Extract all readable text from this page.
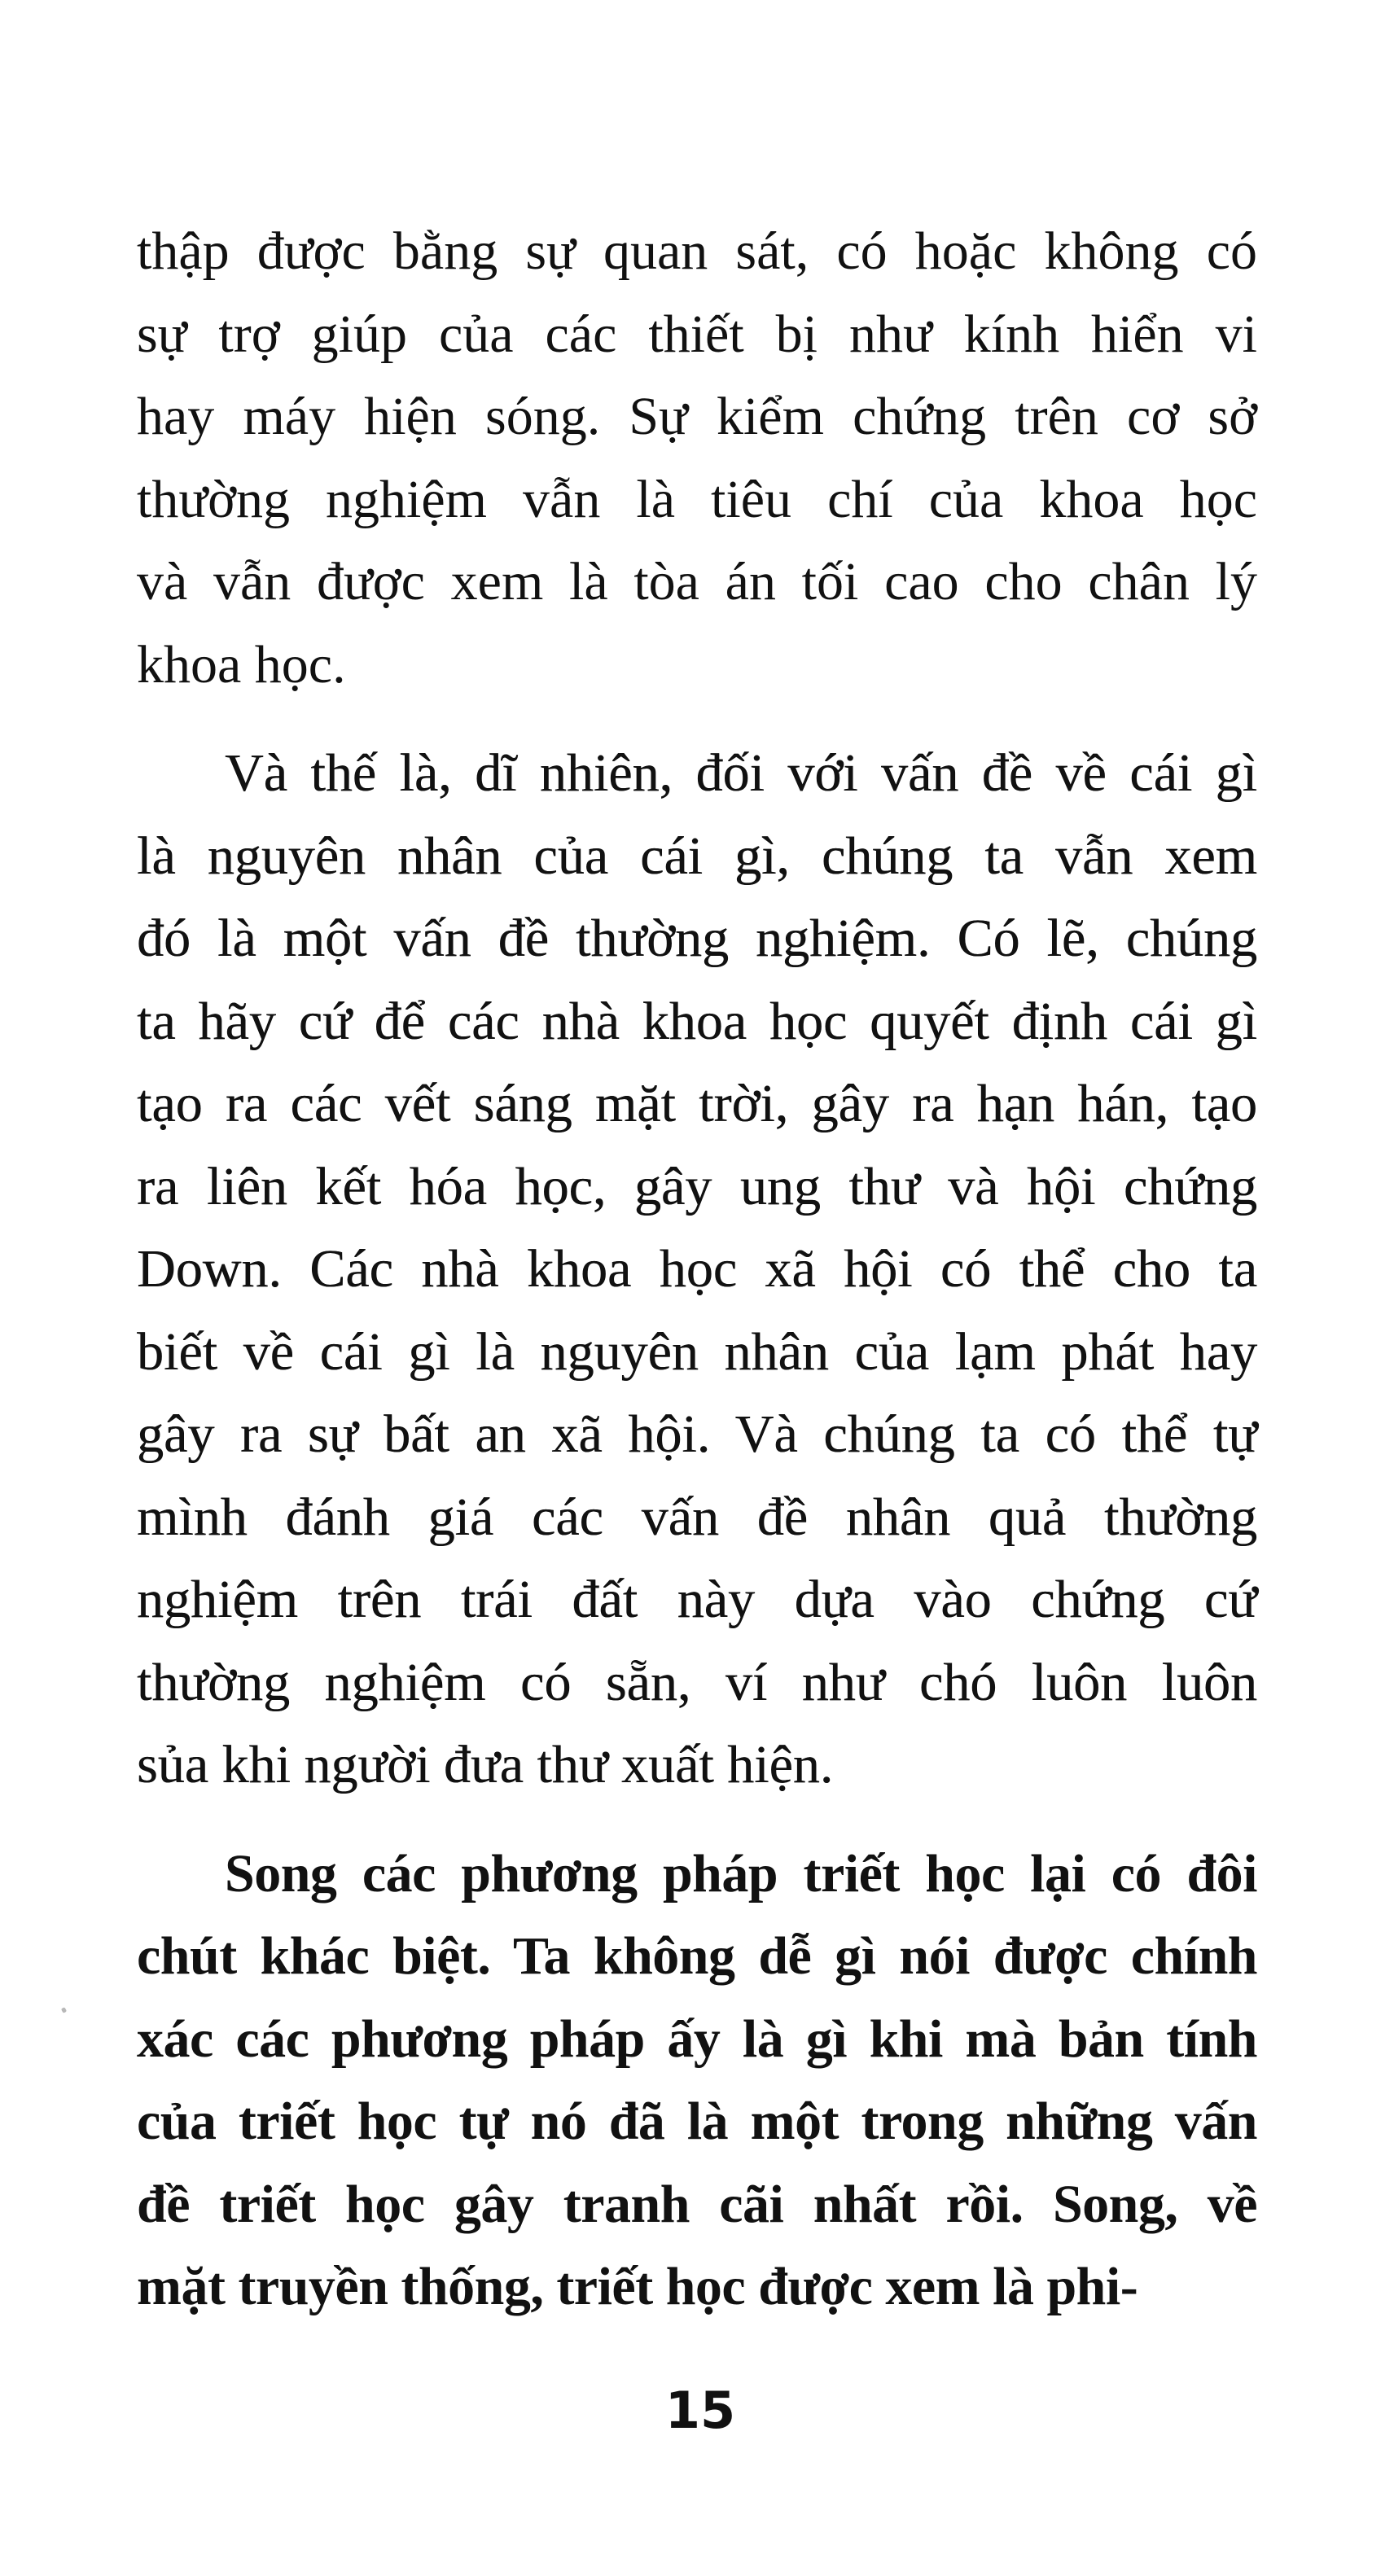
thập được bằng sự quan sát, có hoặc không có
sự trợ giúp của các thiết bị như kính hiển vi
hay máy hiện sóng. Sự kiểm chứng trên cơ sở
thường nghiệm vẫn là tiêu chí của khoa học
và vẫn được xem là tòa án tối cao cho chân lý
khoa học.

Và thế là, dĩ nhiên, đối với vấn đề về cái gì
là nguyên nhân của cái gì, chúng ta vẫn xem
đó là một vấn đề thường nghiệm. Có lẽ, chúng
ta hãy cứ để các nhà khoa học quyết định cái gì
tạo ra các vết sáng mặt trời, gây ra hạn hán, tạo
ra liên kết hóa học, gây ung thư và hội chứng
Down. Các nhà khoa học xã hội có thể cho ta
biết về cái gì là nguyên nhân của lạm phát hay
gây ra sự bất an xã hội. Và chúng ta có thể tự
mình đánh giá các vấn đề nhân quả thường
nghiệm trên trái đất này dựa vào chứng cứ
thường nghiệm có sẵn, ví như chó luôn luôn
sủa khi người đưa thư xuất hiện.

Song các phương pháp triết học lại có đôi
chút khác biệt. Ta không dễ gì nói được chính
xác các phương pháp ấy là gì khi mà bản tính
của triết học tự nó đã là một trong những vấn
đề triết học gây tranh cãi nhất rồi. Song, về
mặt truyền thống, triết học được xem là phi-

15
